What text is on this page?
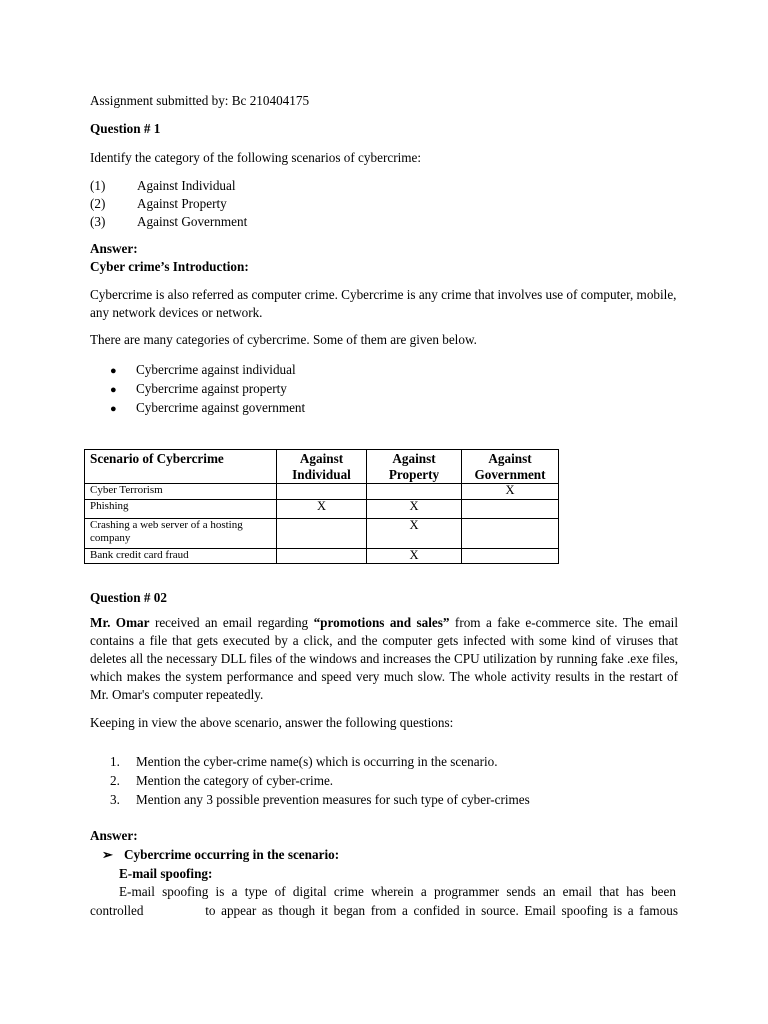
Assignment submitted by: Bc 210404175

Question # 1

Identify the category of the following scenarios of cybercrime:

(1) Against Individual
(2) Against Property
(3) Against Government

Answer:

Cyber crime’s Introduction:

Cybercrime is also referred as computer crime. Cybercrime is any crime that involves use of computer, mobile, any network devices or network.

There are many categories of cybercrime. Some of them are given below.

● Cybercrime against individual
● Cybercrime against property
● Cybercrime against government
Scenario of Cybercrime	Against Individual	Against Property	Against Government
Cyber Terrorism			X
Phishing	X	X	
Crashing a web server of a hosting company		X	
Bank credit card fraud		X	

Question # 02

Mr. Omar received an email regarding “promotions and sales” from a fake e-commerce site. The email contains a file that gets executed by a click, and the computer gets infected with some kind of viruses that deletes all the necessary DLL files of the windows and increases the CPU utilization by running fake .exe files, which makes the system performance and speed very much slow. The whole activity results in the restart of Mr. Omar's computer repeatedly.

Keeping in view the above scenario, answer the following questions:

1. Mention the cyber-crime name(s) which is occurring in the scenario.
2. Mention the category of cyber-crime.
3. Mention any 3 possible prevention measures for such type of cyber-crimes

Answer:

➢ Cybercrime occurring in the scenario:

E-mail spoofing:

E-mail spoofing is a type of digital crime wherein a programmer sends an email that has been

controlled           to appear as though it began from a confided in source. Email spoofing is a famous
